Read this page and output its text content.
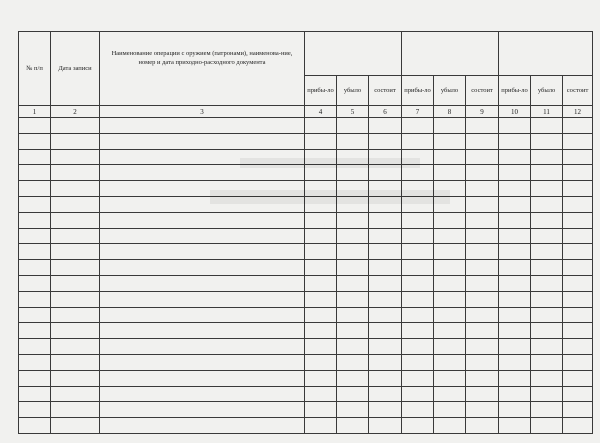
№ п/п	Дата записи	Наименование операции с оружием (патронами), наименова-ние, номер и дата приходно-расходного документа									
			прибы-ло	убыло	состоит	прибы-ло	убыло	состоит	прибы-ло	убыло	состоит
1	2	3	4	5	6	7	8	9	10	11	12
